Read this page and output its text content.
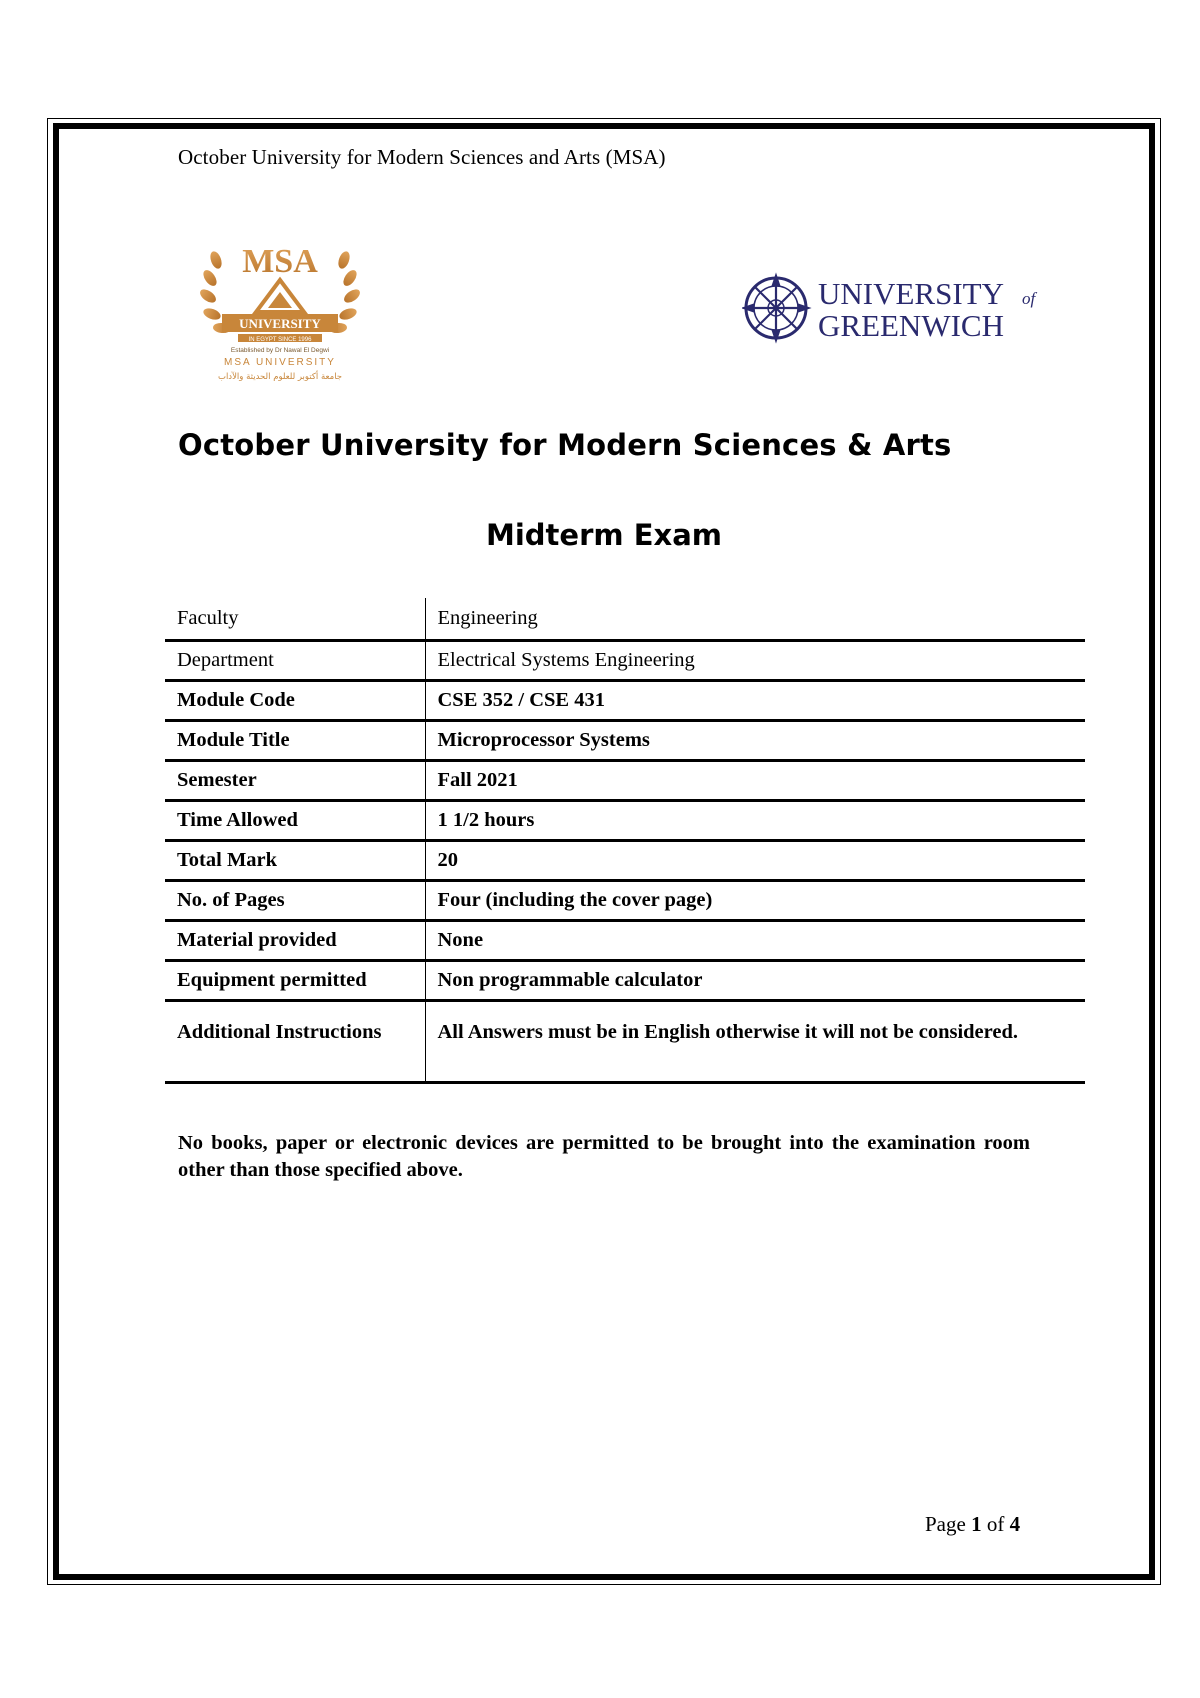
October University for Modern Sciences and Arts (MSA)
MSA
UNIVERSITY
IN EGYPT SINCE 1996
Established by Dr Nawal El Degwi
MSA UNIVERSITY
جامعة أكتوبر للعلوم الحديثة والآداب
UNIVERSITY of
GREENWICH
October University for Modern Sciences & Arts
Midterm Exam
Faculty	Engineering
Department	Electrical Systems Engineering
Module Code	CSE 352 / CSE 431
Module Title	Microprocessor Systems
Semester	Fall 2021
Time Allowed	1 1/2 hours
Total Mark	20
No. of Pages	Four (including the cover page)
Material provided	None
Equipment permitted	Non programmable calculator
Additional Instructions	All Answers must be in English otherwise it will not be considered.
No books, paper or electronic devices are permitted to be brought into the examination room other than those specified above.
Page 1 of 4
